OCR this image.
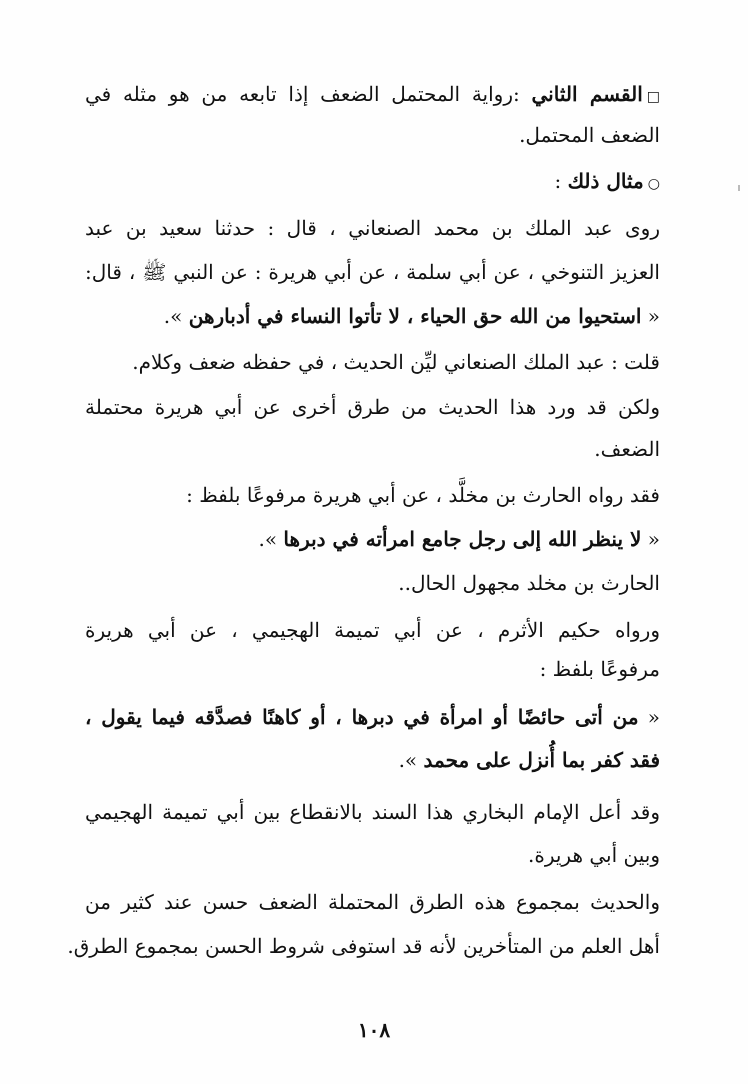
□القسم الثاني :رواية المحتمل الضعف إذا تابعه من هو مثله في
الضعف المحتمل.
○مثال ذلك :
روى عبد الملك بن محمد الصنعاني ، قال : حدثنا سعيد بن عبد
العزيز التنوخي ، عن أبي سلمة ، عن أبي هريرة : عن النبي ﷺ ، قال:
« استحيوا من الله حق الحياء ، لا تأتوا النساء في أدبارهن ».
قلت : عبد الملك الصنعاني ليِّن الحديث ، في حفظه ضعف وكلام.
ولكن قد ورد هذا الحديث من طرق أخرى عن أبي هريرة محتملة
الضعف.
فقد رواه الحارث بن مخلَّد ، عن أبي هريرة مرفوعًا بلفظ :
« لا ينظر الله إلى رجل جامع امرأته في دبرها ».
الحارث بن مخلد مجهول الحال..
ورواه حكيم الأثرم ، عن أبي تميمة الهجيمي ، عن أبي هريرة
مرفوعًا بلفظ :
« من أتى حائضًا أو امرأة في دبرها ، أو كاهنًا فصدَّقه فيما يقول ،
فقد كفر بما أُنزل على محمد ».
وقد أعل الإمام البخاري هذا السند بالانقطاع بين أبي تميمة الهجيمي
وبين أبي هريرة.
والحديث بمجموع هذه الطرق المحتملة الضعف حسن عند كثير من
أهل العلم من المتأخرين لأنه قد استوفى شروط الحسن بمجموع الطرق.
١٠٨
